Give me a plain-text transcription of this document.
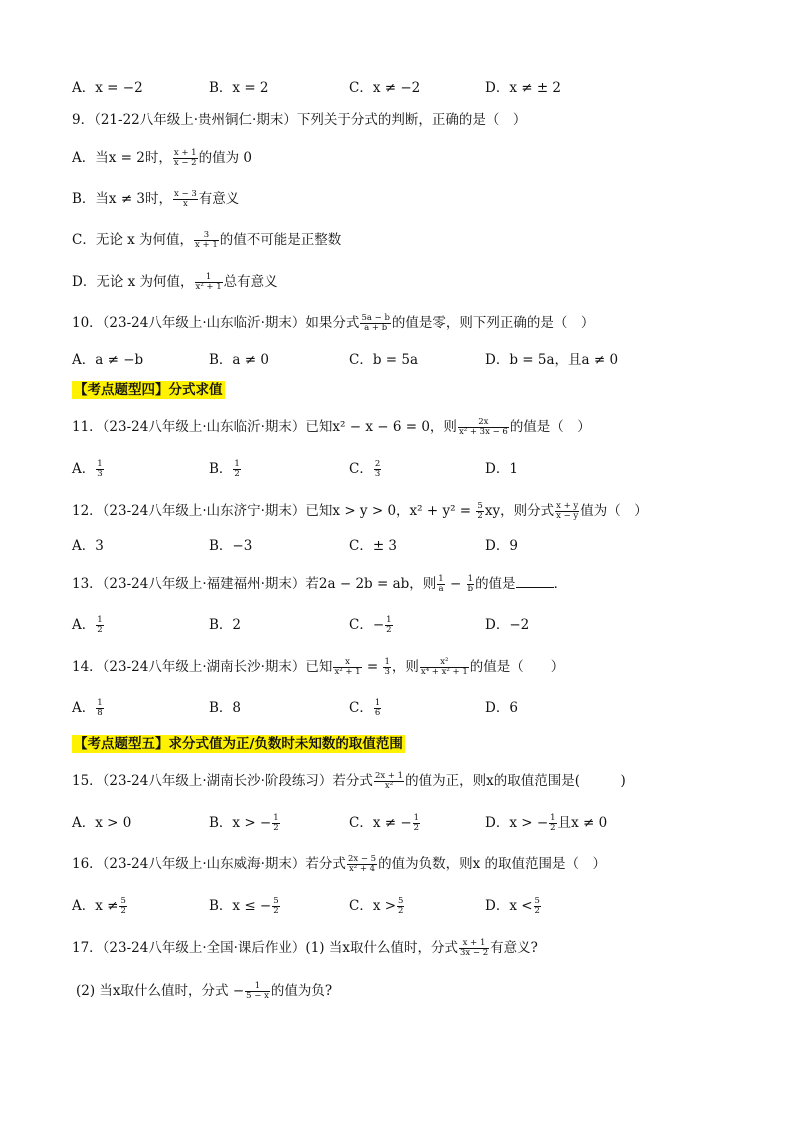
A．x = −2	B．x = 2	C．x ≠ −2	D．x ≠ ± 2
9．（21-22八年级上·贵州铜仁·期末）下列关于分式的判断，正确的是（　）
A．当x = 2时， $\frac{x + 1}{x - 2}$ 的值为 0
B．当x ≠ 3时， $\frac{x - 3}{x}$ 有意义
C．无论 x 为何值， $\frac{3}{x + 1}$ 的值不可能是正整数
D．无论 x 为何值， $\frac{1}{\text{x² + 1}}$ 总有意义
10．（23-24八年级上·山东临沂·期末）如果分式 $\frac{5a - b}{a + b}$ 的值是零，则下列正确的是（　）
A．a ≠ −b	B．a ≠ 0	C．b = 5a	D．b = 5a，且a ≠ 0
【考点题型四】分式求值
11．（23-24八年级上·山东临沂·期末）已知x² − x − 6 = 0，则 $\frac{2x}{\text{x² + 3x − 6}}$ 的值是（　）
A． $\frac{1}{3}$	B． $\frac{1}{2}$	C． $\frac{2}{3}$	D．1
12．（23-24八年级上·山东济宁·期末）已知x > y > 0，$x^2 + y^2 = \frac{5}{2}$ xy，则分式 $\frac{x + y}{x - y}$ 值为（　）
A．3	B．−3	C．± 3	D．9
13．（23-24八年级上·福建福州·期末）若2a − 2b = ab，则 $\frac{1}{a} - \frac{1}{b}$ 的值是	．
A． $\frac{1}{2}$	B．2	C．− $\frac{1}{2}$	D．−2
14．（23-24八年级上·湖南长沙·期末）已知 $\frac{x}{\text{x² + 1}} = \frac{1}{3}$ ，则 $\frac{\text{x²}}{\text{x⁴ + x² + 1}}$ 的值是（　　）
A． $\frac{1}{8}$	B．8	C． $\frac{1}{6}$	D．6
【考点题型五】求分式值为正/负数时未知数的取值范围
15．（23-24八年级上·湖南长沙·阶段练习）若分式 $\frac{2x + 1}{\text{x²}}$ 的值为正，则x的取值范围是(　　　)
A．x > 0	B．x > − $\frac{1}{2}$	C．x ≠ − $\frac{1}{2}$	D．x > − $\frac{1}{2}$ 且x ≠ 0
16．（23-24八年级上·山东威海·期末）若分式 $\frac{2x - 5}{\text{x² + 4}}$ 的值为负数，则x 的取值范围是（　）
A．$x \ne \frac{5}{2}$	B．x ≤ − $\frac{5}{2}$	C．$x > \frac{5}{2}$	D．$x < \frac{5}{2}$
17．（23-24八年级上·全国·课后作业）(1) 当x取什么值时，分式 $\frac{x + 1}{3x - 2}$ 有意义?
(2) 当x取什么值时，分式 − $\frac{1}{5 - x}$ 的值为负?
